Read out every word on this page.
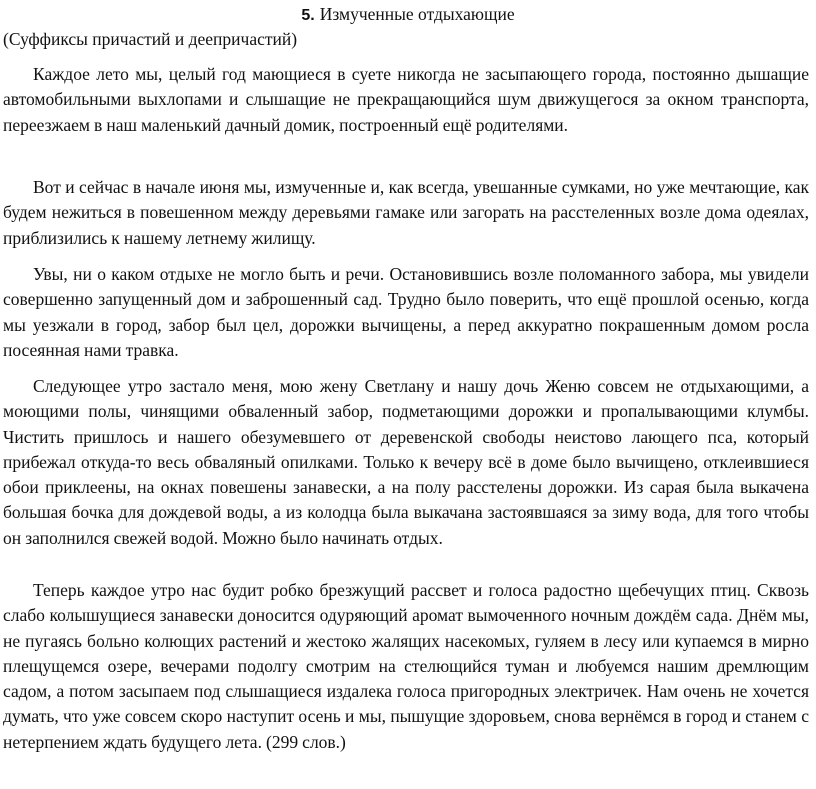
5. Измученные отдыхающие
(Суффиксы причастий и деепричастий)

Каждое лето мы, целый год мающиеся в суете никогда не засыпающего города, постоянно дышащие автомобильными выхлопами и слышащие не прекращающийся шум движущегося за окном транспорта, переезжаем в наш маленький дачный домик, построенный ещё родителями.

Вот и сейчас в начале июня мы, измученные и, как всегда, увешанные сумками, но уже мечтающие, как будем нежиться в повешенном между деревьями гамаке или загорать на расстеленных возле дома одеялах, приблизились к нашему летнему жилищу.

Увы, ни о каком отдыхе не могло быть и речи. Остановившись возле поломанного забора, мы увидели совершенно запущенный дом и заброшенный сад. Трудно было поверить, что ещё прошлой осенью, когда мы уезжали в город, забор был цел, дорожки вычищены, а перед аккуратно покрашенным домом росла посеянная нами травка.

Следующее утро застало меня, мою жену Светлану и нашу дочь Женю совсем не отдыхающими, а моющими полы, чинящими обваленный забор, подметающими дорожки и пропалывающими клумбы. Чистить пришлось и нашего обезумевшего от деревенской свободы неистово лающего пса, который прибежал откуда-то весь обваляный опилками. Только к вечеру всё в доме было вычищено, отклеившиеся обои приклеены, на окнах повешены занавески, а на полу расстелены дорожки. Из сарая была выкачена большая бочка для дождевой воды, а из колодца была выкачана застоявшаяся за зиму вода, для того чтобы он заполнился свежей водой. Можно было начинать отдых.

Теперь каждое утро нас будит робко брезжущий рассвет и голоса радостно щебечущих птиц. Сквозь слабо колышущиеся занавески доносится одуряющий аромат вымоченного ночным дождём сада. Днём мы, не пугаясь больно колющих растений и жестоко жалящих насекомых, гуляем в лесу или купаемся в мирно плещущемся озере, вечерами подолгу смотрим на стелющийся туман и любуемся нашим дремлющим садом, а потом засыпаем под слышащиеся издалека голоса пригородных электричек. Нам очень не хочется думать, что уже совсем скоро наступит осень и мы, пышущие здоровьем, снова вернёмся в город и станем с нетерпением ждать будущего лета. (299 слов.)
